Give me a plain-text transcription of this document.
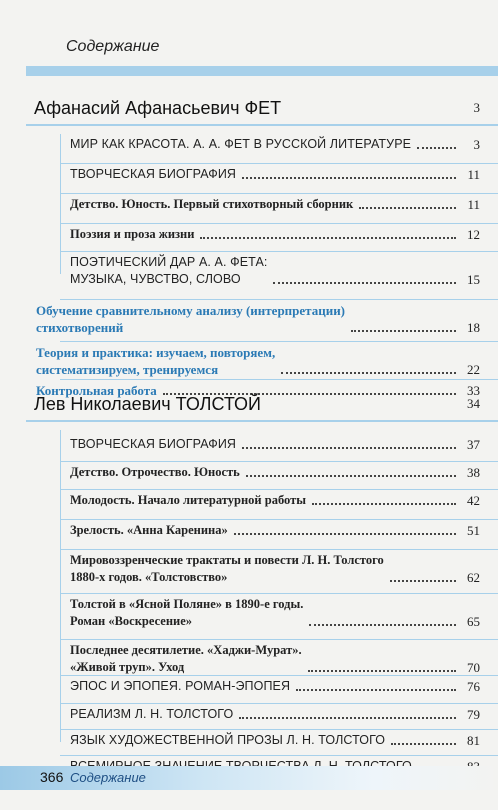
Содержание
Афанасий Афанасьевич ФЕТ	3
МИР КАК КРАСОТА. А. А. ФЕТ В РУССКОЙ ЛИТЕРАТУРЕ	3
ТВОРЧЕСКАЯ БИОГРАФИЯ	11
Детство. Юность. Первый стихотворный сборник	11
Поэзия и проза жизни	12
ПОЭТИЧЕСКИЙ ДАР А. А. ФЕТА:
МУЗЫКА, ЧУВСТВО, СЛОВО	15
Обучение сравнительному анализу (интерпретации)
стихотворений	18
Теория и практика: изучаем, повторяем,
систематизируем, тренируемся	22
Контрольная работа	33
Лев Николаевич ТОЛСТОЙ	34
ТВОРЧЕСКАЯ БИОГРАФИЯ	37
Детство. Отрочество. Юность	38
Молодость. Начало литературной работы	42
Зрелость. «Анна Каренина»	51
Мировоззренческие трактаты и повести Л. Н. Толстого
1880-х годов. «Толстовство»	62
Толстой в «Ясной Поляне» в 1890-е годы.
Роман «Воскресение»	65
Последнее десятилетие. «Хаджи-Мурат».
«Живой труп». Уход	70
ЭПОС И ЭПОПЕЯ. РОМАН-ЭПОПЕЯ	76
РЕАЛИЗМ Л. Н. ТОЛСТОГО	79
ЯЗЫК ХУДОЖЕСТВЕННОЙ ПРОЗЫ Л. Н. ТОЛСТОГО	81
366 Содержание
